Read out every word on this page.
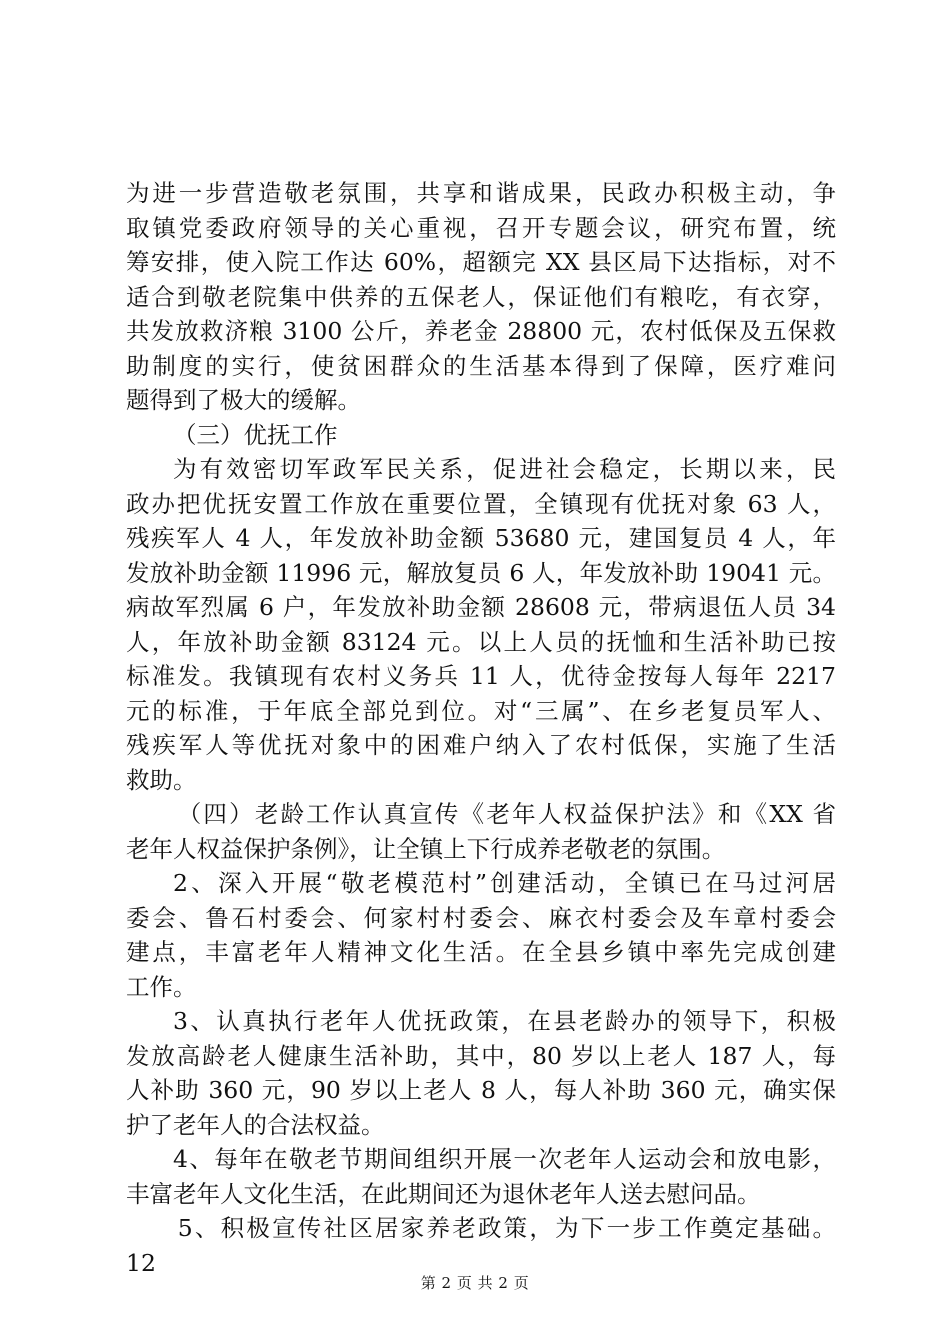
为进一步营造敬老氛围，共享和谐成果，民政办积极主动，争
取镇党委政府领导的关心重视，召开专题会议，研究布置，统
筹安排，使入院工作达 60%，超额完 XX 县区局下达指标，对不
适合到敬老院集中供养的五保老人，保证他们有粮吃，有衣穿，
共发放救济粮 3100 公斤，养老金 28800 元，农村低保及五保救
助制度的实行，使贫困群众的生活基本得到了保障，医疗难问
题得到了极大的缓解。
（三）优抚工作
为有效密切军政军民关系，促进社会稳定，长期以来，民
政办把优抚安置工作放在重要位置，全镇现有优抚对象 63 人，
残疾军人 4 人，年发放补助金额 53680 元，建国复员 4 人，年
发放补助金额 11996 元，解放复员 6 人，年发放补助 19041 元。
病故军烈属 6 户，年发放补助金额 28608 元，带病退伍人员 34
人，年放补助金额 83124 元。以上人员的抚恤和生活补助已按
标准发。我镇现有农村义务兵 11 人，优待金按每人每年 2217
元的标准，于年底全部兑到位。对“三属”、在乡老复员军人、
残疾军人等优抚对象中的困难户纳入了农村低保，实施了生活
救助。
（四）老龄工作认真宣传《老年人权益保护法》和《XX 省
老年人权益保护条例》，让全镇上下行成养老敬老的氛围。
2、深入开展“敬老模范村”创建活动，全镇已在马过河居
委会、鲁石村委会、何家村村委会、麻衣村委会及车章村委会
建点，丰富老年人精神文化生活。在全县乡镇中率先完成创建
工作。
3、认真执行老年人优抚政策，在县老龄办的领导下，积极
发放高龄老人健康生活补助，其中，80 岁以上老人 187 人，每
人补助 360 元，90 岁以上老人 8 人，每人补助 360 元，确实保
护了老年人的合法权益。
4、每年在敬老节期间组织开展一次老年人运动会和放电影，
丰富老年人文化生活，在此期间还为退休老年人送去慰问品。
5、积极宣传社区居家养老政策，为下一步工作奠定基础。
12
第 2 页 共 2 页
